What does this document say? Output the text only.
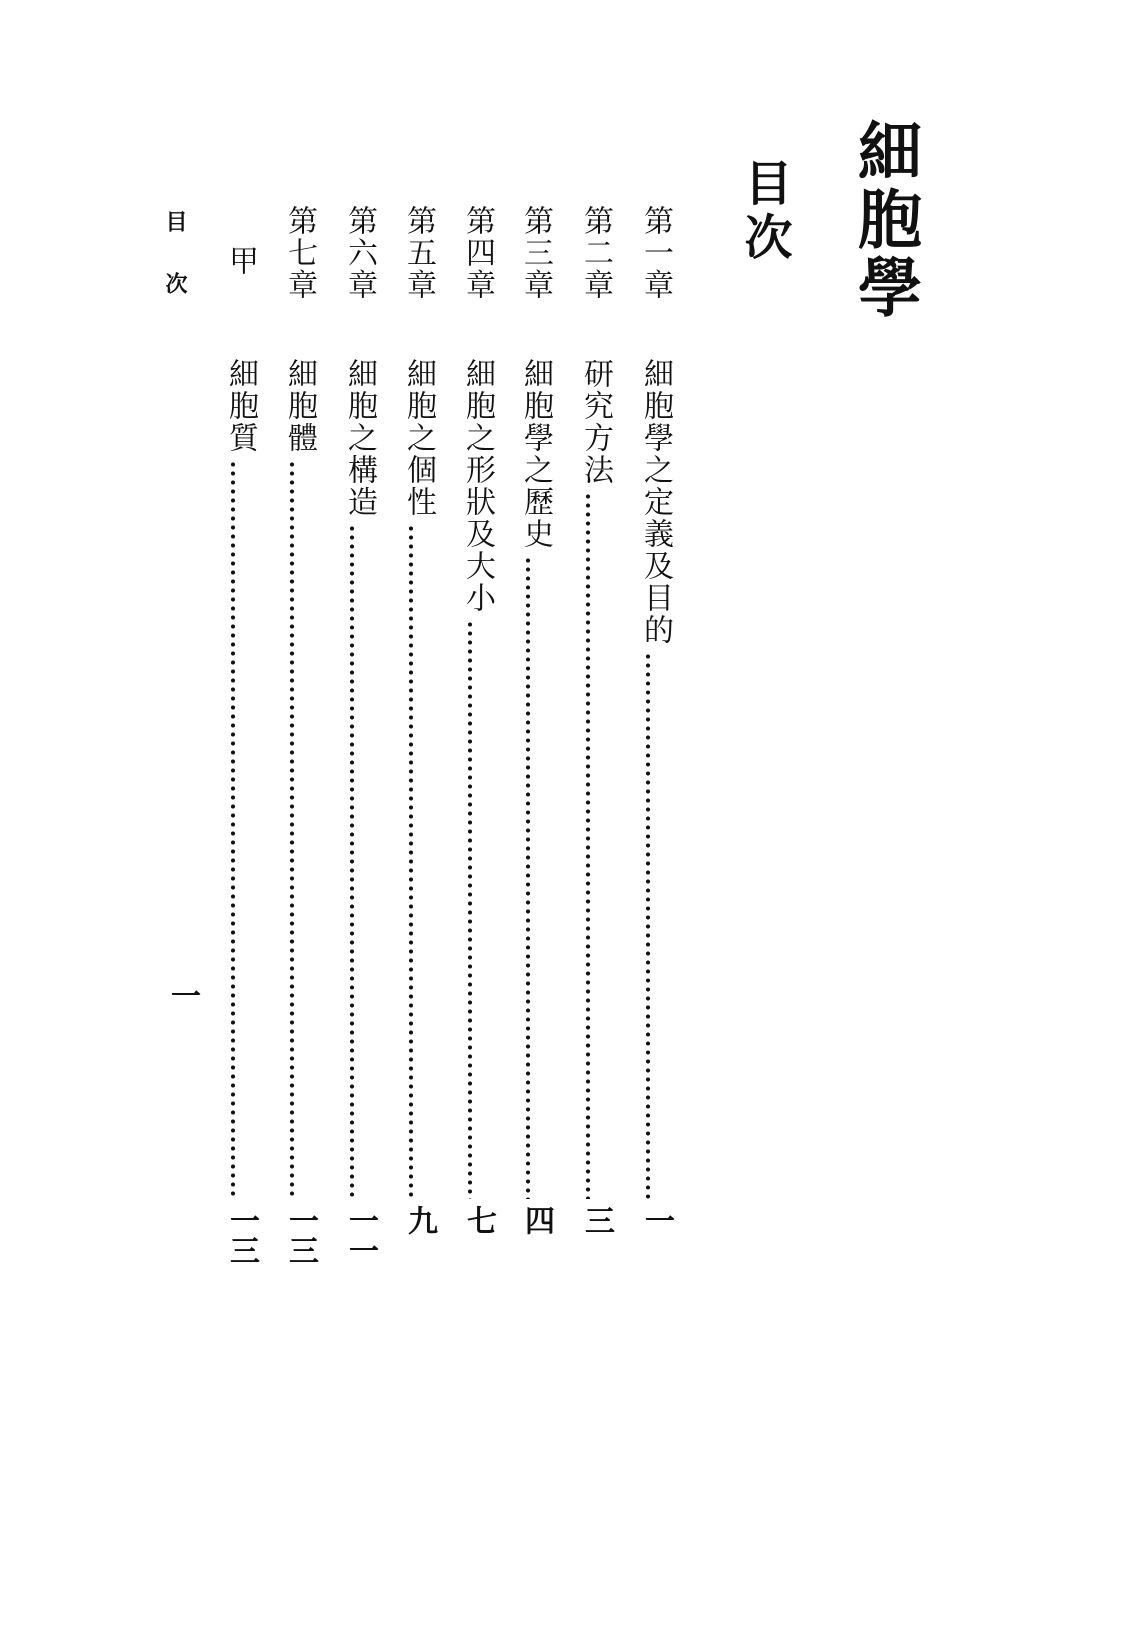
細胞學
目次
第一章
細胞學之定義及目的
一
第二章
研究方法
三
第三章
細胞學之歷史
四
第四章
細胞之形狀及大小
七
第五章
細胞之個性
九
第六章
細胞之構造
一一
第七章
細胞體
一三
甲
細胞質
一三
目次
一
